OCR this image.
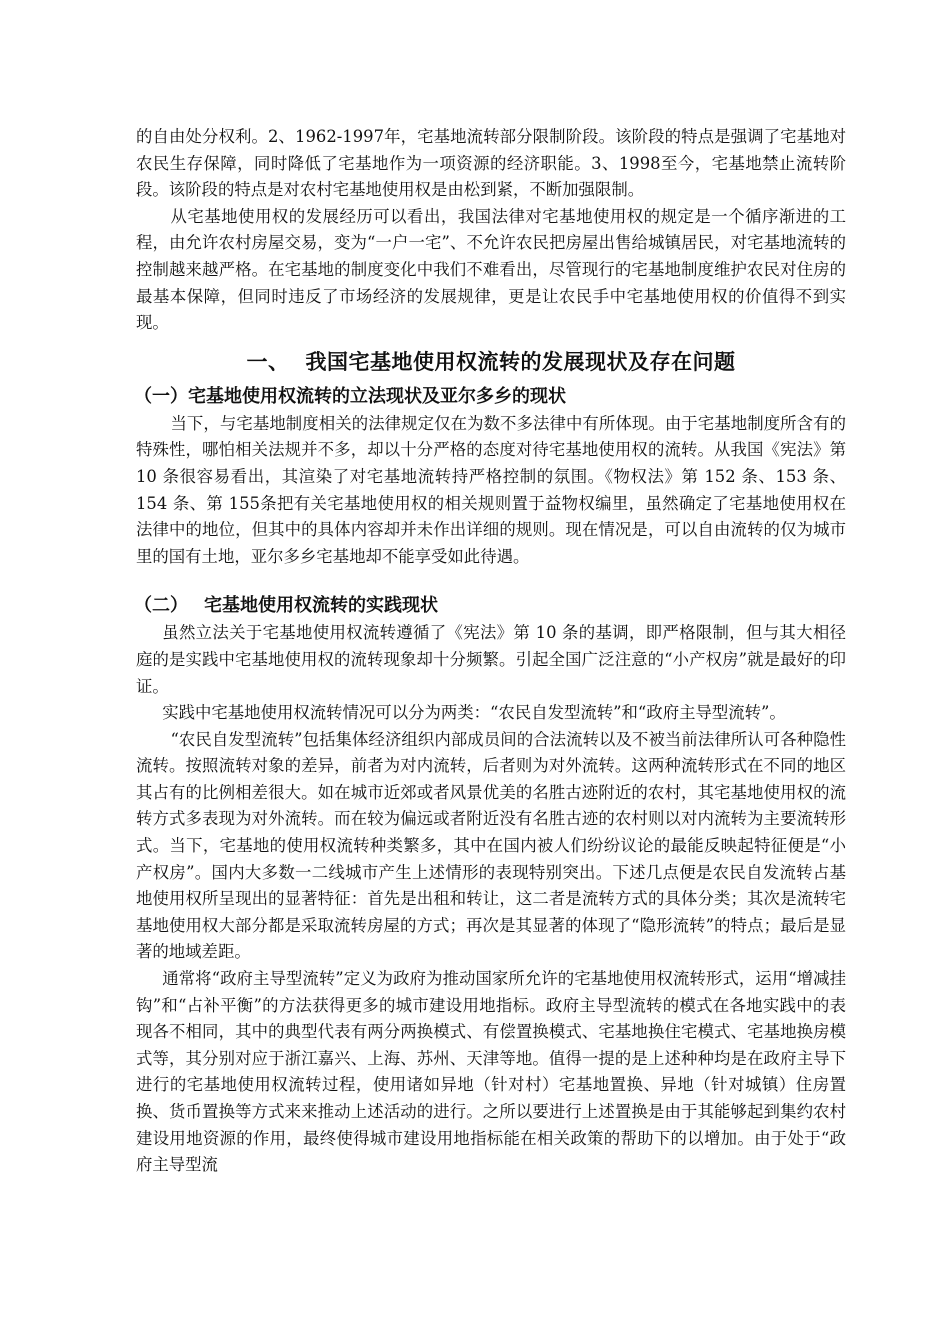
的自由处分权利。2、1962-1997年，宅基地流转部分限制阶段。该阶段的特点是强调了宅基地对农民生存保障，同时降低了宅基地作为一项资源的经济职能。3、1998至今，宅基地禁止流转阶段。该阶段的特点是对农村宅基地使用权是由松到紧，不断加强限制。

从宅基地使用权的发展经历可以看出，我国法律对宅基地使用权的规定是一个循序渐进的工程，由允许农村房屋交易，变为“一户一宅”、不允许农民把房屋出售给城镇居民，对宅基地流转的控制越来越严格。在宅基地的制度变化中我们不难看出，尽管现行的宅基地制度维护农民对住房的最基本保障，但同时违反了市场经济的发展规律，更是让农民手中宅基地使用权的价值得不到实现。

一、 我国宅基地使用权流转的发展现状及存在问题
（一）宅基地使用权流转的立法现状及亚尔多乡的现状

当下，与宅基地制度相关的法律规定仅在为数不多法律中有所体现。由于宅基地制度所含有的特殊性，哪怕相关法规并不多，却以十分严格的态度对待宅基地使用权的流转。从我国《宪法》第 10 条很容易看出，其渲染了对宅基地流转持严格控制的氛围。《物权法》第 152 条、153 条、154 条、第 155条把有关宅基地使用权的相关规则置于益物权编里，虽然确定了宅基地使用权在法律中的地位，但其中的具体内容却并未作出详细的规则。现在情况是，可以自由流转的仅为城市里的国有土地，亚尔多乡宅基地却不能享受如此待遇。

（二） 宅基地使用权流转的实践现状

虽然立法关于宅基地使用权流转遵循了《宪法》第 10 条的基调，即严格限制，但与其大相径庭的是实践中宅基地使用权的流转现象却十分频繁。引起全国广泛注意的“小产权房”就是最好的印证。

实践中宅基地使用权流转情况可以分为两类：“农民自发型流转”和“政府主导型流转”。

“农民自发型流转”包括集体经济组织内部成员间的合法流转以及不被当前法律所认可各种隐性流转。按照流转对象的差异，前者为对内流转，后者则为对外流转。这两种流转形式在不同的地区其占有的比例相差很大。如在城市近郊或者风景优美的名胜古迹附近的农村，其宅基地使用权的流转方式多表现为对外流转。而在较为偏远或者附近没有名胜古迹的农村则以对内流转为主要流转形式。当下，宅基地的使用权流转种类繁多，其中在国内被人们纷纷议论的最能反映起特征便是“小产权房”。国内大多数一二线城市产生上述情形的表现特别突出。下述几点便是农民自发流转占基地使用权所呈现出的显著特征：首先是出租和转让，这二者是流转方式的具体分类；其次是流转宅基地使用权大部分都是采取流转房屋的方式；再次是其显著的体现了“隐形流转”的特点；最后是显著的地域差距。

通常将“政府主导型流转”定义为政府为推动国家所允许的宅基地使用权流转形式，运用“增减挂钩”和“占补平衡”的方法获得更多的城市建设用地指标。政府主导型流转的模式在各地实践中的表现各不相同，其中的典型代表有两分两换模式、有偿置换模式、宅基地换住宅模式、宅基地换房模式等，其分别对应于浙江嘉兴、上海、苏州、天津等地。值得一提的是上述种种均是在政府主导下进行的宅基地使用权流转过程，使用诸如异地（针对村）宅基地置换、异地（针对城镇）住房置换、货币置换等方式来来推动上述活动的进行。之所以要进行上述置换是由于其能够起到集约农村建设用地资源的作用，最终使得城市建设用地指标能在相关政策的帮助下的以增加。由于处于“政府主导型流
